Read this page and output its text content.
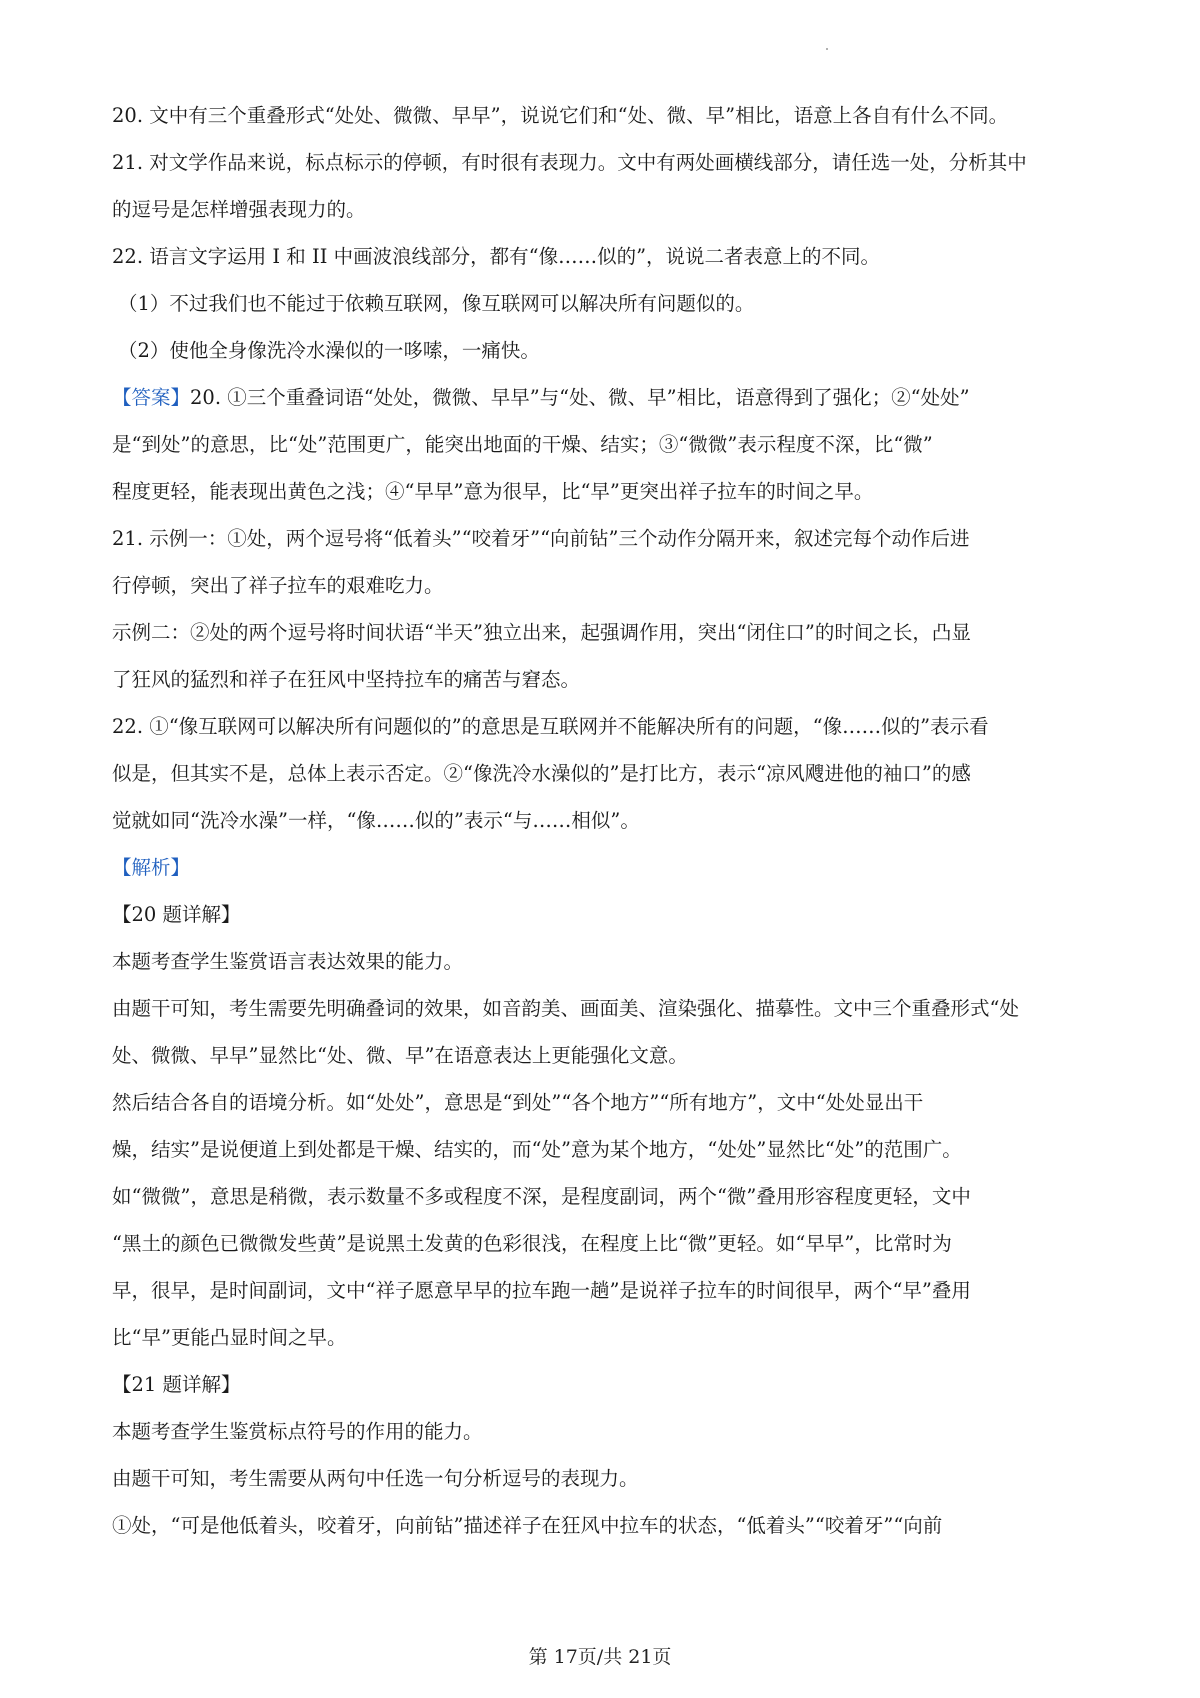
20. 文中有三个重叠形式“处处、微微、早早”，说说它们和“处、微、早”相比，语意上各自有什么不同。
21. 对文学作品来说，标点标示的停顿，有时很有表现力。文中有两处画横线部分，请任选一处，分析其中
的逗号是怎样增强表现力的。
22. 语言文字运用 I 和 II 中画波浪线部分，都有“像……似的”，说说二者表意上的不同。
（1）不过我们也不能过于依赖互联网，像互联网可以解决所有问题似的。
（2）使他全身像洗冷水澡似的一哆嗦，一痛快。
【答案】20. ①三个重叠词语“处处，微微、早早”与“处、微、早”相比，语意得到了强化；②“处处”
是“到处”的意思，比“处”范围更广，能突出地面的干燥、结实；③“微微”表示程度不深，比“微”
程度更轻，能表现出黄色之浅；④“早早”意为很早，比“早”更突出祥子拉车的时间之早。
21. 示例一：①处，两个逗号将“低着头”“咬着牙”“向前钻”三个动作分隔开来，叙述完每个动作后进
行停顿，突出了祥子拉车的艰难吃力。
示例二：②处的两个逗号将时间状语“半天”独立出来，起强调作用，突出“闭住口”的时间之长，凸显
了狂风的猛烈和祥子在狂风中坚持拉车的痛苦与窘态。
22. ①“像互联网可以解决所有问题似的”的意思是互联网并不能解决所有的问题，“像……似的”表示看
似是，但其实不是，总体上表示否定。②“像洗冷水澡似的”是打比方，表示“凉风飕进他的袖口”的感
觉就如同“洗冷水澡”一样，“像……似的”表示“与……相似”。
【解析】
【20 题详解】
本题考查学生鉴赏语言表达效果的能力。
由题干可知，考生需要先明确叠词的效果，如音韵美、画面美、渲染强化、描摹性。文中三个重叠形式“处
处、微微、早早”显然比“处、微、早”在语意表达上更能强化文意。
然后结合各自的语境分析。如“处处”，意思是“到处”“各个地方”“所有地方”，文中“处处显出干
燥，结实”是说便道上到处都是干燥、结实的，而“处”意为某个地方，“处处”显然比“处”的范围广。
如“微微”，意思是稍微，表示数量不多或程度不深，是程度副词，两个“微”叠用形容程度更轻，文中
“黑土的颜色已微微发些黄”是说黑土发黄的色彩很浅，在程度上比“微”更轻。如“早早”，比常时为
早，很早，是时间副词，文中“祥子愿意早早的拉车跑一趟”是说祥子拉车的时间很早，两个“早”叠用
比“早”更能凸显时间之早。
【21 题详解】
本题考查学生鉴赏标点符号的作用的能力。
由题干可知，考生需要从两句中任选一句分析逗号的表现力。
①处，“可是他低着头，咬着牙，向前钻”描述祥子在狂风中拉车的状态，“低着头”“咬着牙”“向前
第 17页/共 21页
